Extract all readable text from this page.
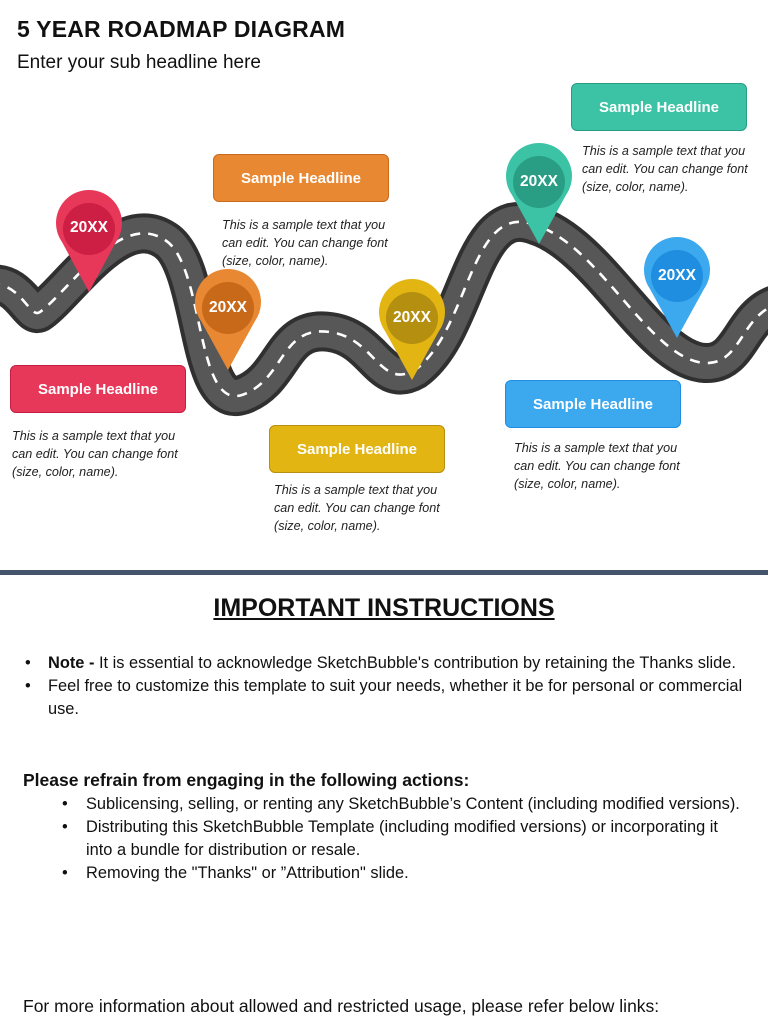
5 YEAR ROADMAP DIAGRAM
Enter your sub headline here
20XX
20XX
20XX
20XX
20XX
Sample Headline
Sample Headline
Sample Headline
Sample Headline
Sample Headline
This is a sample text that you can edit. You can change font (size, color, name).
This is a sample text that you can edit. You can change font (size, color, name).
This is a sample text that you can edit. You can change font (size, color, name).
This is a sample text that you can edit. You can change font (size, color, name).
This is a sample text that you can edit. You can change font (size, color, name).
IMPORTANT INSTRUCTIONS
• Note - It is essential to acknowledge SketchBubble's contribution by retaining the Thanks slide.
• Feel free to customize this template to suit your needs, whether it be for personal or commercial use.
Please refrain from engaging in the following actions:
• Sublicensing, selling, or renting any SketchBubble’s Content (including modified versions).
• Distributing this SketchBubble Template (including modified versions) or incorporating it into a bundle for distribution or resale.
• Removing the "Thanks" or ”Attribution" slide.
For more information about allowed and restricted usage, please refer below links:
